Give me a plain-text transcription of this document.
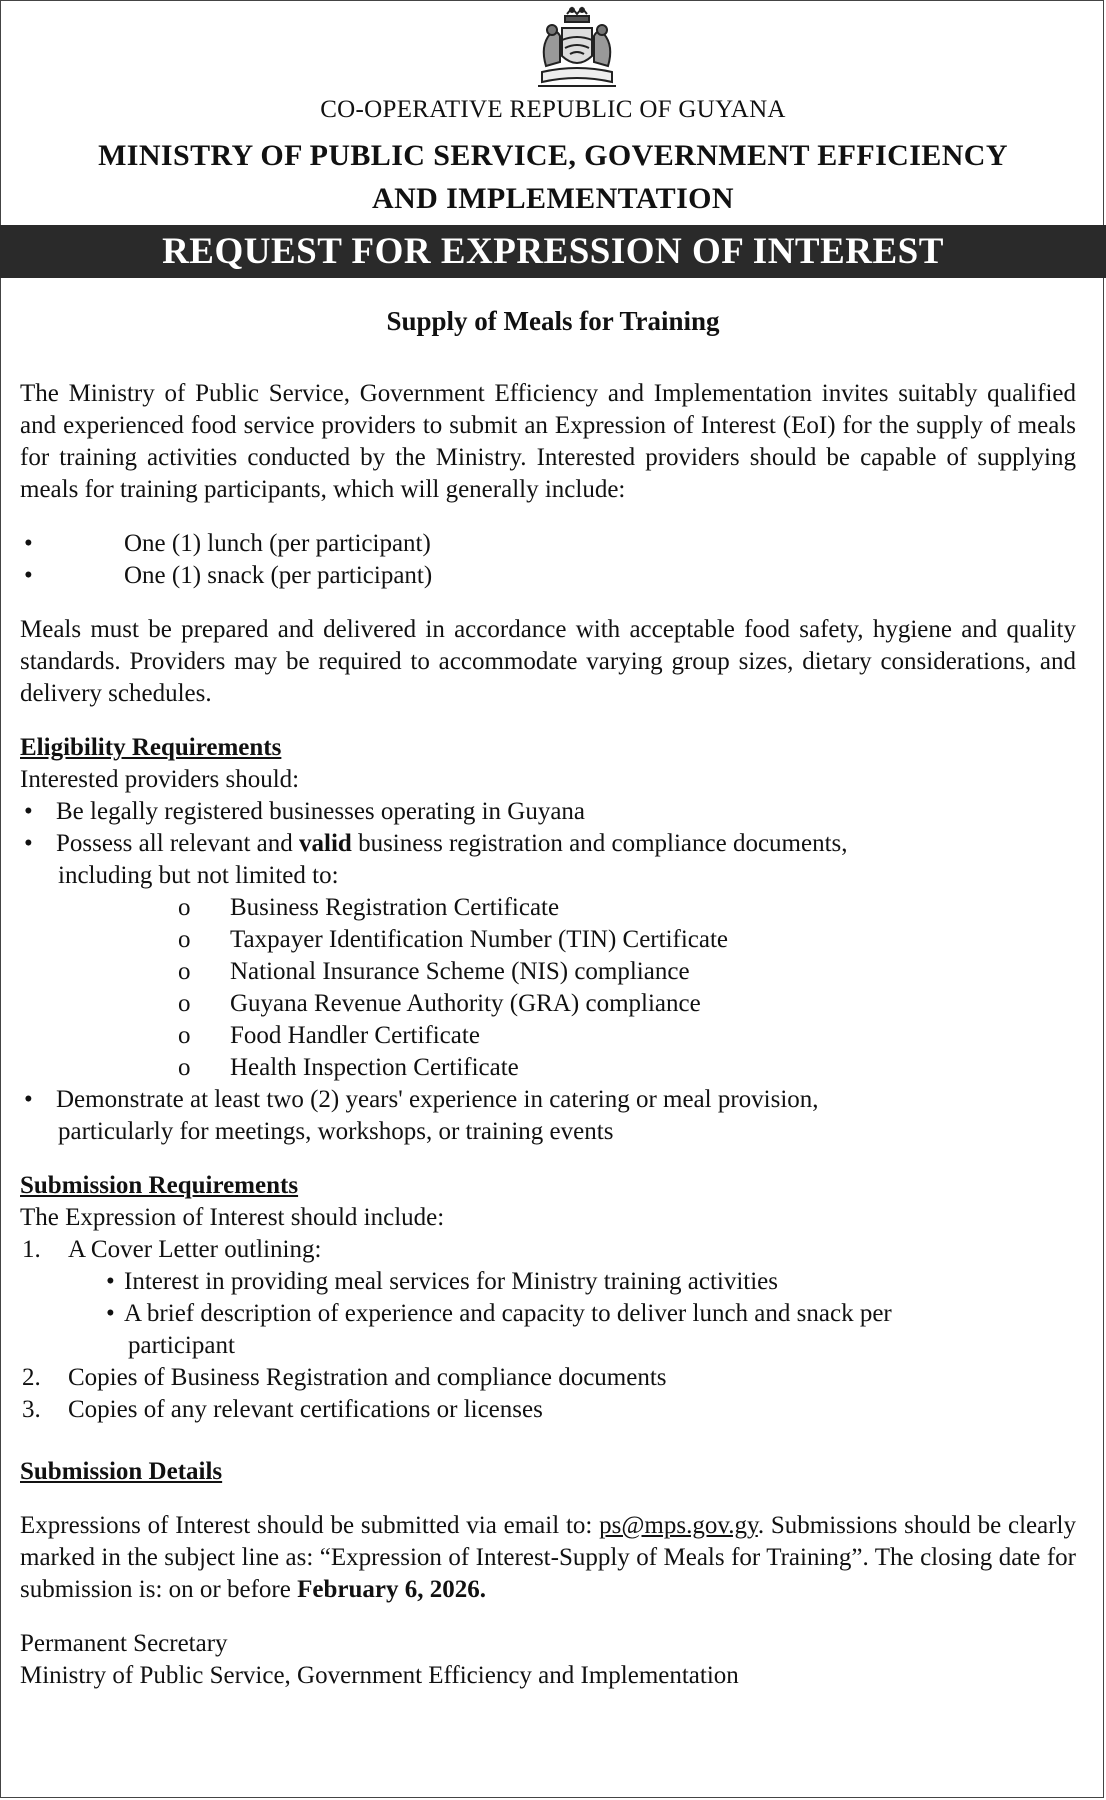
CO-OPERATIVE REPUBLIC OF GUYANA
MINISTRY OF PUBLIC SERVICE, GOVERNMENT EFFICIENCY
AND IMPLEMENTATION
REQUEST FOR EXPRESSION OF INTEREST
Supply of Meals for Training

The Ministry of Public Service, Government Efficiency and Implementation invites suitably qualified and experienced food service providers to submit an Expression of Interest (EoI) for the supply of meals for training activities conducted by the Ministry. Interested providers should be capable of supplying meals for training participants, which will generally include:

•	One (1) lunch (per participant)
•	One (1) snack (per participant)

Meals must be prepared and delivered in accordance with acceptable food safety, hygiene and quality standards. Providers may be required to accommodate varying group sizes, dietary considerations, and delivery schedules.

Eligibility Requirements
Interested providers should:
• Be legally registered businesses operating in Guyana
• Possess all relevant and valid business registration and compliance documents,
including but not limited to:
o Business Registration Certificate
o Taxpayer Identification Number (TIN) Certificate
o National Insurance Scheme (NIS) compliance
o Guyana Revenue Authority (GRA) compliance
o Food Handler Certificate
o Health Inspection Certificate
• Demonstrate at least two (2) years' experience in catering or meal provision,
particularly for meetings, workshops, or training events
Submission Requirements
The Expression of Interest should include:
1. A Cover Letter outlining:
• Interest in providing meal services for Ministry training activities
• A brief description of experience and capacity to deliver lunch and snack per
participant
2. Copies of Business Registration and compliance documents
3. Copies of any relevant certifications or licenses
Submission Details

Expressions of Interest should be submitted via email to: ps@mps.gov.gy. Submissions should be clearly marked in the subject line as: “Expression of Interest-Supply of Meals for Training”. The closing date for submission is: on or before February 6, 2026.

Permanent Secretary
Ministry of Public Service, Government Efficiency and Implementation
